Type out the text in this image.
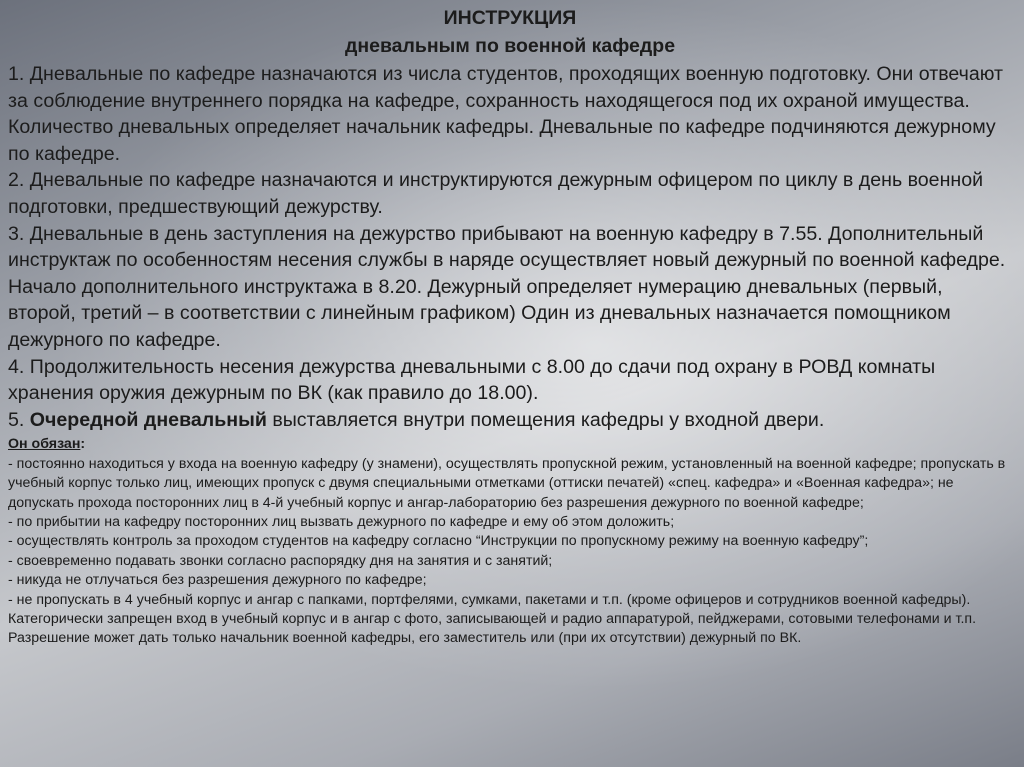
ИНСТРУКЦИЯ
дневальным по военной кафедре

1. Дневальные по кафедре назначаются из числа студентов, проходящих военную подготовку. Они отвечают за соблюдение внутреннего порядка на кафедре, сохранность находящегося под их охраной имущества. Количество дневальных определяет начальник кафедры. Дневальные по кафедре подчиняются дежурному по кафедре.

2. Дневальные по кафедре назначаются и инструктируются дежурным офицером по циклу в день военной подготовки, предшествующий дежурству.

3. Дневальные в день заступления на дежурство прибывают на военную кафедру в 7.55. Дополнительный инструктаж по особенностям несения службы в наряде осуществляет новый дежурный по военной кафедре. Начало дополнительного инструктажа в 8.20. Дежурный определяет нумерацию дневальных (первый, второй, третий – в соответствии с линейным графиком) Один из дневальных назначается помощником дежурного по кафедре.

4. Продолжительность несения дежурства дневальными с 8.00 до сдачи под охрану в РОВД комнаты хранения оружия дежурным по ВК (как правило до 18.00).

5. Очередной дневальный выставляется внутри помещения кафедры у входной двери.

Он обязан:

- постоянно находиться у входа на военную кафедру (у знамени), осуществлять пропускной режим, установленный на военной кафедре; пропускать в учебный корпус только лиц, имеющих пропуск с двумя специальными отметками (оттиски печатей) «спец. кафедра» и «Военная кафедра»; не допускать прохода посторонних лиц в 4-й учебный корпус и ангар-лабораторию без разрешения дежурного по военной кафедре;

- по прибытии на кафедру посторонних лиц вызвать дежурного по кафедре и ему об этом доложить;

- осуществлять контроль за проходом студентов на кафедру согласно “Инструкции по пропускному режиму на военную кафедру”;

- своевременно подавать звонки согласно распорядку дня на занятия и с занятий;

- никуда не отлучаться без разрешения дежурного по кафедре;

- не пропускать в 4 учебный корпус и ангар с папками, портфелями, сумками, пакетами и т.п. (кроме офицеров и сотрудников военной кафедры). Категорически запрещен вход в учебный корпус и в ангар с фото, записывающей и радио аппаратурой, пейджерами, сотовыми телефонами и т.п. Разрешение может дать только начальник военной кафедры, его заместитель или (при их отсутствии) дежурный по ВК.
